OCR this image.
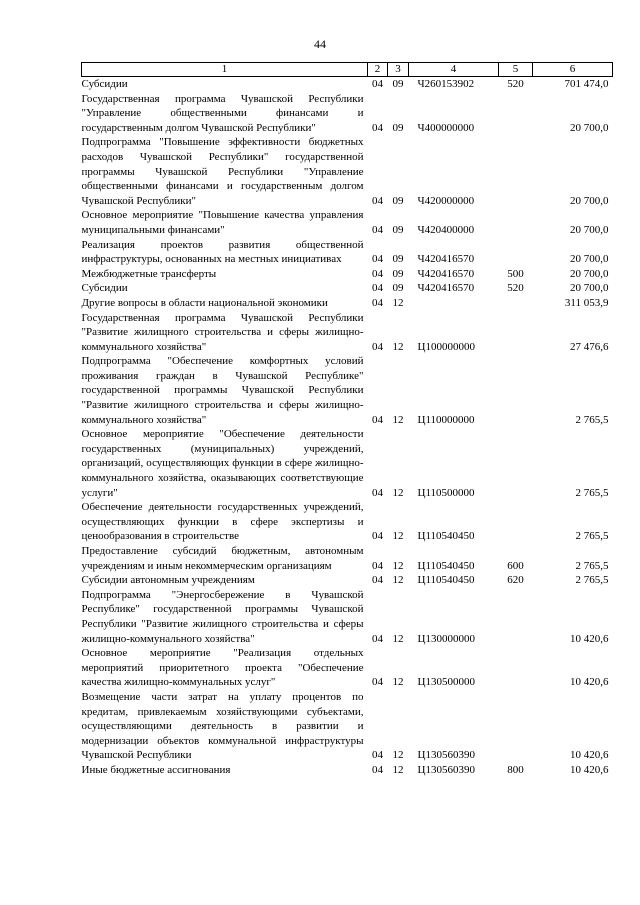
44
1	2	3	4	5	6
Субсидии	04	09	Ч260153902	520	701 474,0
Государственная программа Чувашской Республики "Управление общественными финансами и государственным долгом Чувашской Республики"	04	09	Ч400000000		20 700,0
Подпрограмма "Повышение эффективности бюджетных расходов Чувашской Республики" государственной программы Чувашской Республики "Управление общественными финансами и государственным долгом Чувашской Республики"	04	09	Ч420000000		20 700,0
Основное мероприятие "Повышение качества управления муниципальными финансами"	04	09	Ч420400000		20 700,0
Реализация проектов развития общественной инфраструктуры, основанных на местных инициативах	04	09	Ч420416570		20 700,0
Межбюджетные трансферты	04	09	Ч420416570	500	20 700,0
Субсидии	04	09	Ч420416570	520	20 700,0
Другие вопросы в области национальной экономики	04	12			311 053,9
Государственная программа Чувашской Республики "Развитие жилищного строительства и сферы жилищно-коммунального хозяйства"	04	12	Ц100000000		27 476,6
Подпрограмма "Обеспечение комфортных условий проживания граждан в Чувашской Республике" государственной программы Чувашской Республики "Развитие жилищного строительства и сферы жилищно-коммунального хозяйства"	04	12	Ц110000000		2 765,5
Основное мероприятие "Обеспечение деятельности государственных (муниципальных) учреждений, организаций, осуществляющих функции в сфере жилищно-коммунального хозяйства, оказывающих соответствующие услуги"	04	12	Ц110500000		2 765,5
Обеспечение деятельности государственных учреждений, осуществляющих функции в сфере экспертизы и ценообразования в строительстве	04	12	Ц110540450		2 765,5
Предоставление субсидий бюджетным, автономным учреждениям и иным некоммерческим организациям	04	12	Ц110540450	600	2 765,5
Субсидии автономным учреждениям	04	12	Ц110540450	620	2 765,5
Подпрограмма "Энергосбережение в Чувашской Республике" государственной программы Чувашской Республики "Развитие жилищного строительства и сферы жилищно-коммунального хозяйства"	04	12	Ц130000000		10 420,6
Основное мероприятие "Реализация отдельных мероприятий приоритетного проекта "Обеспечение качества жилищно-коммунальных услуг"	04	12	Ц130500000		10 420,6
Возмещение части затрат на уплату процентов по кредитам, привлекаемым хозяйствующими субъектами, осуществляющими деятельность в развитии и модернизации объектов коммунальной инфраструктуры Чувашской Республики	04	12	Ц130560390		10 420,6
Иные бюджетные ассигнования	04	12	Ц130560390	800	10 420,6
